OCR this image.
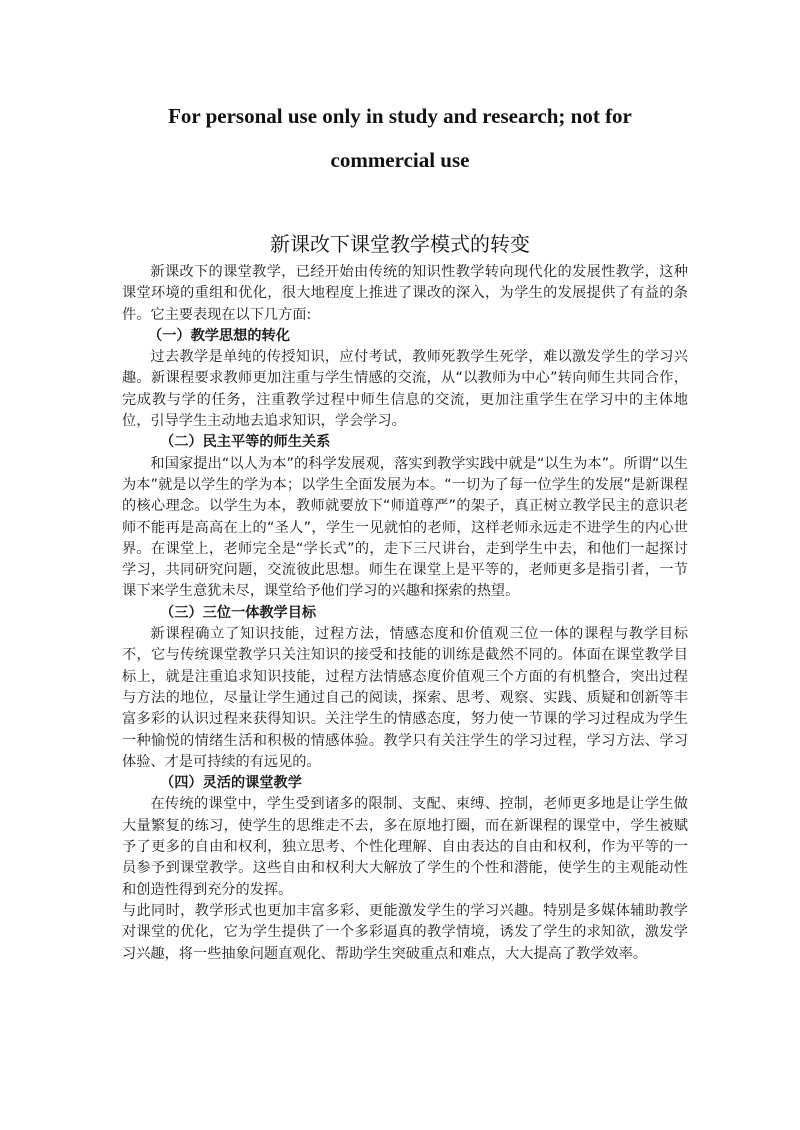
For personal use only in study and research; not for
commercial use
新课改下课堂教学模式的转变

新课改下的课堂教学，已经开始由传统的知识性教学转向现代化的发展性教学，这种课堂环境的重组和优化，很大地程度上推进了课改的深入，为学生的发展提供了有益的条件。它主要表现在以下几方面:

（一）教学思想的转化

过去教学是单纯的传授知识，应付考试，教师死教学生死学，难以激发学生的学习兴趣。新课程要求教师更加注重与学生情感的交流，从“以教师为中心”转向师生共同合作，完成教与学的任务，注重教学过程中师生信息的交流，更加注重学生在学习中的主体地位，引导学生主动地去追求知识，学会学习。

（二）民主平等的师生关系

和国家提出“以人为本”的科学发展观，落实到教学实践中就是“以生为本”。所谓“以生为本”就是以学生的学为本；以学生全面发展为本。“一切为了每一位学生的发展”是新课程的核心理念。以学生为本，教师就要放下“师道尊严”的架子，真正树立教学民主的意识老师不能再是高高在上的“圣人”，学生一见就怕的老师，这样老师永远走不进学生的内心世界。在课堂上，老师完全是“学长式”的，走下三尺讲台，走到学生中去，和他们一起探讨学习，共同研究问题，交流彼此思想。师生在课堂上是平等的，老师更多是指引者，一节课下来学生意犹未尽，课堂给予他们学习的兴趣和探索的热望。

（三）三位一体教学目标

新课程确立了知识技能，过程方法，情感态度和价值观三位一体的课程与教学目标不，它与传统课堂教学只关注知识的接受和技能的训练是截然不同的。体面在课堂教学目标上，就是注重追求知识技能，过程方法情感态度价值观三个方面的有机整合，突出过程与方法的地位，尽量让学生通过自己的阅读，探索、思考、观察、实践、质疑和创新等丰富多彩的认识过程来获得知识。关注学生的情感态度，努力使一节课的学习过程成为学生一种愉悦的情绪生活和积极的情感体验。教学只有关注学生的学习过程，学习方法、学习体验、才是可持续的有远见的。

（四）灵活的课堂教学

在传统的课堂中，学生受到诸多的限制、支配、束缚、控制，老师更多地是让学生做大量繁复的练习，使学生的思维走不去，多在原地打圈，而在新课程的课堂中，学生被赋予了更多的自由和权利，独立思考、个性化理解、自由表达的自由和权利，作为平等的一员参予到课堂教学。这些自由和权利大大解放了学生的个性和潜能，使学生的主观能动性和创造性得到充分的发挥。

与此同时，教学形式也更加丰富多彩、更能激发学生的学习兴趣。特别是多媒体辅助教学对课堂的优化，它为学生提供了一个多彩逼真的教学情境，诱发了学生的求知欲，激发学习兴趣，将一些抽象问题直观化、帮助学生突破重点和难点，大大提高了教学效率。
